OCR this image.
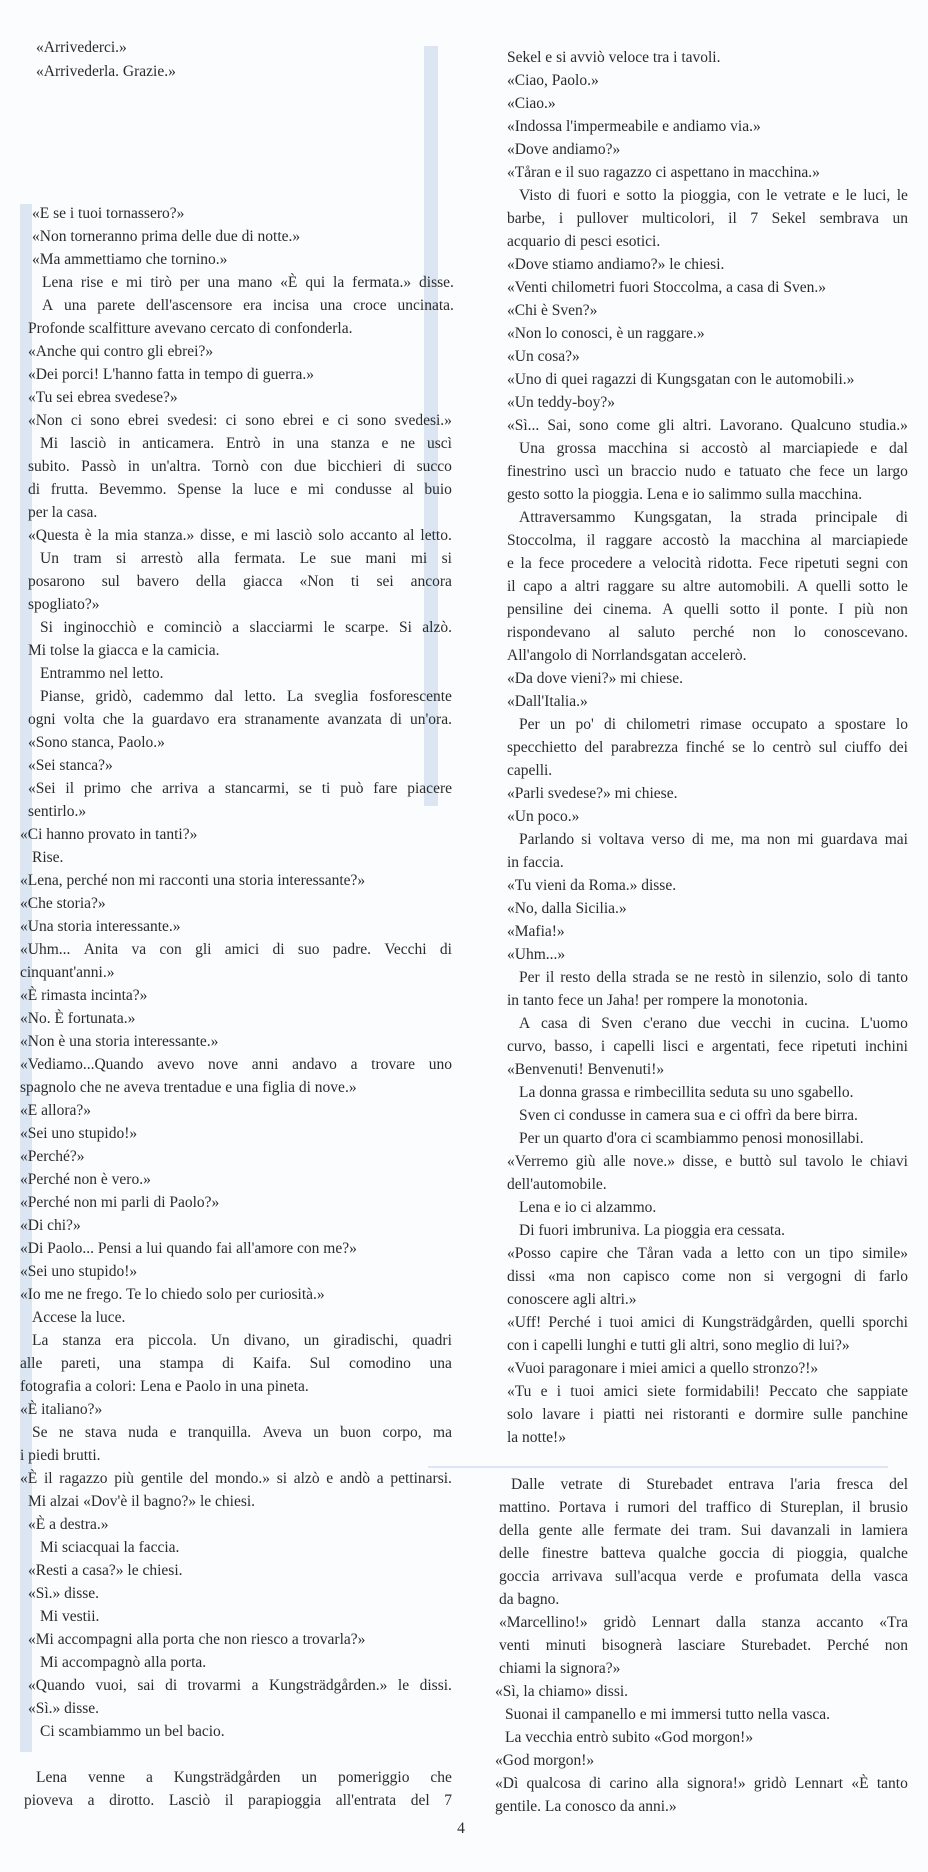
«Arrivederci.»
«Arrivederla. Grazie.»
«E se i tuoi tornassero?»
«Non torneranno prima delle due di notte.»
«Ma ammettiamo che tornino.»
Lena rise e mi tirò per una mano «È qui la fermata.» disse.
A una parete dell'ascensore era incisa una croce uncinata.
Profonde scalfitture avevano cercato di confonderla.
«Anche qui contro gli ebrei?»
«Dei porci! L'hanno fatta in tempo di guerra.»
«Tu sei ebrea svedese?»
«Non ci sono ebrei svedesi: ci sono ebrei e ci sono svedesi.»
Mi lasciò in anticamera. Entrò in una stanza e ne uscì
subito. Passò in un'altra. Tornò con due bicchieri di succo
di frutta. Bevemmo. Spense la luce e mi condusse al buio
per la casa.
«Questa è la mia stanza.» disse, e mi lasciò solo accanto al letto.
Un tram si arrestò alla fermata. Le sue mani mi si
posarono sul bavero della giacca «Non ti sei ancora
spogliato?»
Si inginocchiò e cominciò a slacciarmi le scarpe. Si alzò.
Mi tolse la giacca e la camicia.
Entrammo nel letto.
Pianse, gridò, cademmo dal letto. La sveglia fosforescente
ogni volta che la guardavo era stranamente avanzata di un'ora.
«Sono stanca, Paolo.»
«Sei stanca?»
«Sei il primo che arriva a stancarmi, se ti può fare piacere
sentirlo.»
«Ci hanno provato in tanti?»
Rise.
«Lena, perché non mi racconti una storia interessante?»
«Che storia?»
«Una storia interessante.»
«Uhm... Anita va con gli amici di suo padre. Vecchi di
cinquant'anni.»
«È rimasta incinta?»
«No. È fortunata.»
«Non è una storia interessante.»
«Vediamo...Quando avevo nove anni andavo a trovare uno
spagnolo che ne aveva trentadue e una figlia di nove.»
«E allora?»
«Sei uno stupido!»
«Perché?»
«Perché non è vero.»
«Perché non mi parli di Paolo?»
«Di chi?»
«Di Paolo... Pensi a lui quando fai all'amore con me?»
«Sei uno stupido!»
«Io me ne frego. Te lo chiedo solo per curiosità.»
Accese la luce.
La stanza era piccola. Un divano, un giradischi, quadri
alle pareti, una stampa di Kaifa. Sul comodino una
fotografia a colori: Lena e Paolo in una pineta.
«È italiano?»
Se ne stava nuda e tranquilla. Aveva un buon corpo, ma
i piedi brutti.
«È il ragazzo più gentile del mondo.» si alzò e andò a pettinarsi.
Mi alzai «Dov'è il bagno?» le chiesi.
«È a destra.»
Mi sciacquai la faccia.
«Resti a casa?» le chiesi.
«Sì.» disse.
Mi vestii.
«Mi accompagni alla porta che non riesco a trovarla?»
Mi accompagnò alla porta.
«Quando vuoi, sai di trovarmi a Kungsträdgården.» le dissi.
«Sì.» disse.
Ci scambiammo un bel bacio.
Lena venne a Kungsträdgården un pomeriggio che
pioveva a dirotto. Lasciò il parapioggia all'entrata del 7
Sekel e si avviò veloce tra i tavoli.
«Ciao, Paolo.»
«Ciao.»
«Indossa l'impermeabile e andiamo via.»
«Dove andiamo?»
«Tåran e il suo ragazzo ci aspettano in macchina.»
Visto di fuori e sotto la pioggia, con le vetrate e le luci, le
barbe, i pullover multicolori, il 7 Sekel sembrava un
acquario di pesci esotici.
«Dove stiamo andiamo?» le chiesi.
«Venti chilometri fuori Stoccolma, a casa di Sven.»
«Chi è Sven?»
«Non lo conosci, è un raggare.»
«Un cosa?»
«Uno di quei ragazzi di Kungsgatan con le automobili.»
«Un teddy-boy?»
«Sì... Sai, sono come gli altri. Lavorano. Qualcuno studia.»
Una grossa macchina si accostò al marciapiede e dal
finestrino uscì un braccio nudo e tatuato che fece un largo
gesto sotto la pioggia. Lena e io salimmo sulla macchina.
Attraversammo Kungsgatan, la strada principale di
Stoccolma, il raggare accostò la macchina al marciapiede
e la fece procedere a velocità ridotta. Fece ripetuti segni con
il capo a altri raggare su altre automobili. A quelli sotto le
pensiline dei cinema. A quelli sotto il ponte. I più non
rispondevano al saluto perché non lo conoscevano.
All'angolo di Norrlandsgatan accelerò.
«Da dove vieni?» mi chiese.
«Dall'Italia.»
Per un po' di chilometri rimase occupato a spostare lo
specchietto del parabrezza finché se lo centrò sul ciuffo dei
capelli.
«Parli svedese?» mi chiese.
«Un poco.»
Parlando si voltava verso di me, ma non mi guardava mai
in faccia.
«Tu vieni da Roma.» disse.
«No, dalla Sicilia.»
«Mafia!»
«Uhm...»
Per il resto della strada se ne restò in silenzio, solo di tanto
in tanto fece un Jaha! per rompere la monotonia.
A casa di Sven c'erano due vecchi in cucina. L'uomo
curvo, basso, i capelli lisci e argentati, fece ripetuti inchini
«Benvenuti! Benvenuti!»
La donna grassa e rimbecillita seduta su uno sgabello.
Sven ci condusse in camera sua e ci offrì da bere birra.
Per un quarto d'ora ci scambiammo penosi monosillabi.
«Verremo giù alle nove.» disse, e buttò sul tavolo le chiavi
dell'automobile.
Lena e io ci alzammo.
Di fuori imbruniva. La pioggia era cessata.
«Posso capire che Tåran vada a letto con un tipo simile»
dissi «ma non capisco come non si vergogni di farlo
conoscere agli altri.»
«Uff! Perché i tuoi amici di Kungsträdgården, quelli sporchi
con i capelli lunghi e tutti gli altri, sono meglio di lui?»
«Vuoi paragonare i miei amici a quello stronzo?!»
«Tu e i tuoi amici siete formidabili! Peccato che sappiate
solo lavare i piatti nei ristoranti e dormire sulle panchine
la notte!»
Dalle vetrate di Sturebadet entrava l'aria fresca del
mattino. Portava i rumori del traffico di Stureplan, il brusio
della gente alle fermate dei tram. Sui davanzali in lamiera
delle finestre batteva qualche goccia di pioggia, qualche
goccia arrivava sull'acqua verde e profumata della vasca
da bagno.
«Marcellino!» gridò Lennart dalla stanza accanto «Tra
venti minuti bisognerà lasciare Sturebadet. Perché non
chiami la signora?»
«Sì, la chiamo» dissi.
Suonai il campanello e mi immersi tutto nella vasca.
La vecchia entrò subito «God morgon!»
«God morgon!»
«Dì qualcosa di carino alla signora!» gridò Lennart «È tanto
gentile. La conosco da anni.»
4
